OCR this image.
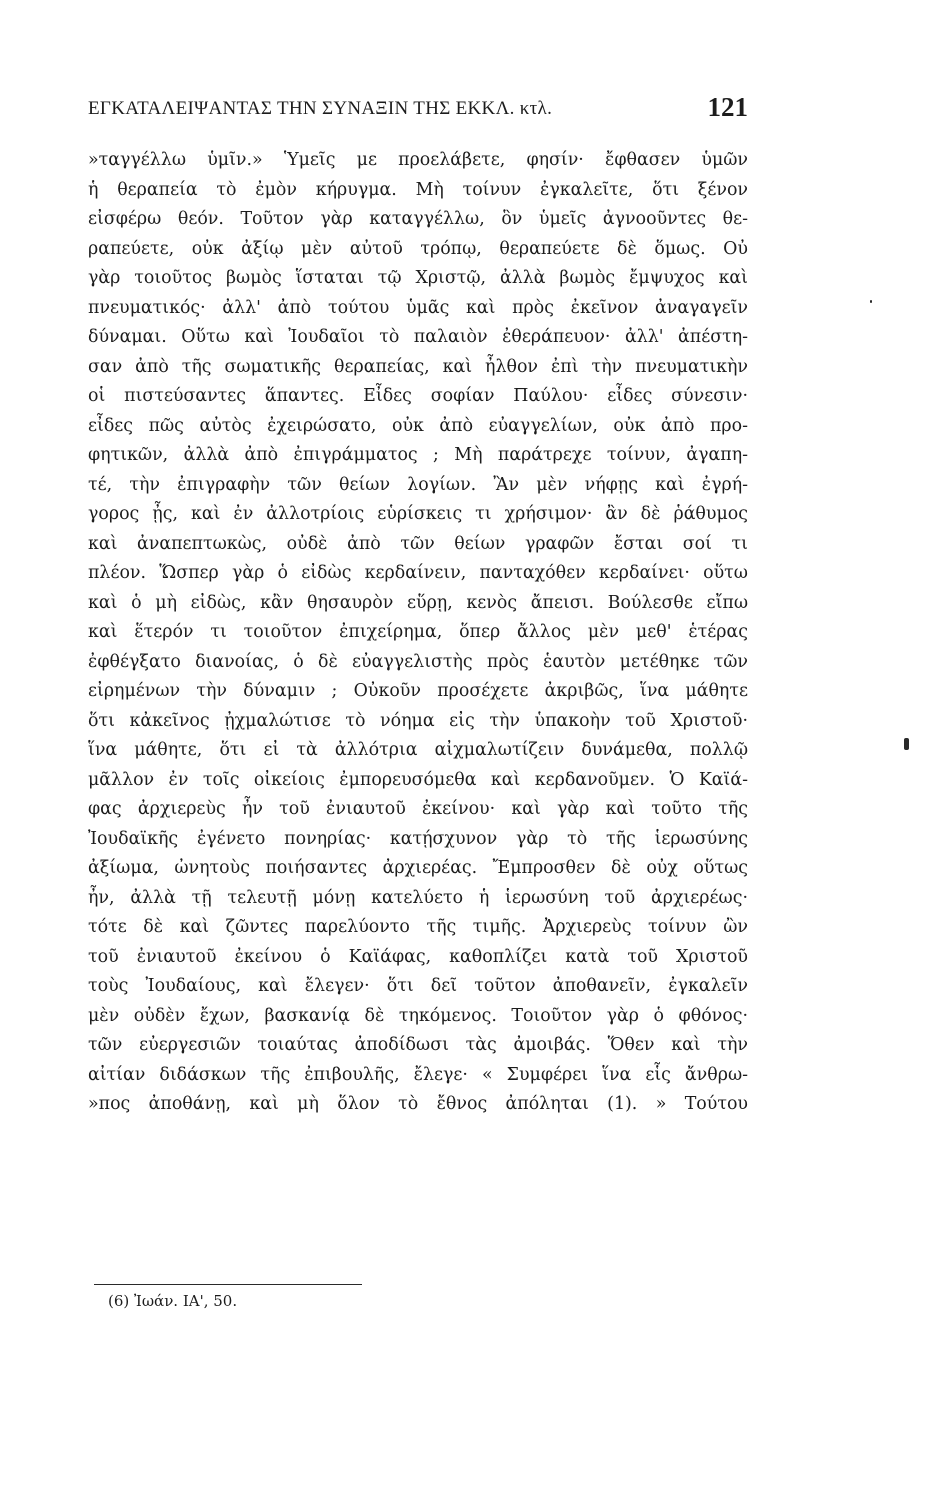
ΕΓΚΑΤΑΛΕΙΨΑΝΤΑΣ ΤΗΝ ΣΥΝΑΞΙΝ ΤΗΣ ΕΚΚΛ. κτλ.	121
»ταγγέλλω ὑμῖν.» Ὑμεῖς με προελάβετε, φησίν· ἔφθασεν ὑμῶν
ἡ θεραπεία τὸ ἐμὸν κήρυγμα. Μὴ τοίνυν ἐγκαλεῖτε, ὅτι ξένον
εἰσφέρω θεόν. Τοῦτον γὰρ καταγγέλλω, ὃν ὑμεῖς ἀγνοοῦντες θε-
ραπεύετε, οὐκ ἀξίῳ μὲν αὐτοῦ τρόπῳ, θεραπεύετε δὲ ὅμως. Οὐ
γὰρ τοιοῦτος βωμὸς ἵσταται τῷ Χριστῷ, ἀλλὰ βωμὸς ἔμψυχος καὶ
πνευματικός· ἀλλ' ἀπὸ τούτου ὑμᾶς καὶ πρὸς ἐκεῖνον ἀναγαγεῖν
δύναμαι. Οὕτω καὶ Ἰουδαῖοι τὸ παλαιὸν ἐθεράπευον· ἀλλ' ἀπέστη-
σαν ἀπὸ τῆς σωματικῆς θεραπείας, καὶ ἦλθον ἐπὶ τὴν πνευματικὴν
οἱ πιστεύσαντες ἅπαντες. Εἶδες σοφίαν Παύλου· εἶδες σύνεσιν·
εἶδες πῶς αὐτὸς ἐχειρώσατο, οὐκ ἀπὸ εὐαγγελίων, οὐκ ἀπὸ προ-
φητικῶν, ἀλλὰ ἀπὸ ἐπιγράμματος ; Μὴ παράτρεχε τοίνυν, ἀγαπη-
τέ, τὴν ἐπιγραφὴν τῶν θείων λογίων. Ἂν μὲν νήφῃς καὶ ἐγρή-
γορος ᾖς, καὶ ἐν ἀλλοτρίοις εὑρίσκεις τι χρήσιμον· ἂν δὲ ῥάθυμος
καὶ ἀναπεπτωκὼς, οὐδὲ ἀπὸ τῶν θείων γραφῶν ἔσται σοί τι
πλέον. Ὥσπερ γὰρ ὁ εἰδὼς κερδαίνειν, πανταχόθεν κερδαίνει· οὕτω
καὶ ὁ μὴ εἰδὼς, κἂν θησαυρὸν εὕρῃ, κενὸς ἄπεισι. Βούλεσθε εἴπω
καὶ ἕτερόν τι τοιοῦτον ἐπιχείρημα, ὅπερ ἄλλος μὲν μεθ' ἑτέρας
ἐφθέγξατο διανοίας, ὁ δὲ εὐαγγελιστὴς πρὸς ἑαυτὸν μετέθηκε τῶν
εἰρημένων τὴν δύναμιν ; Οὐκοῦν προσέχετε ἀκριβῶς, ἵνα μάθητε
ὅτι κἀκεῖνος ᾐχμαλώτισε τὸ νόημα εἰς τὴν ὑπακοὴν τοῦ Χριστοῦ·
ἵνα μάθητε, ὅτι εἰ τὰ ἀλλότρια αἰχμαλωτίζειν δυνάμεθα, πολλῷ
μᾶλλον ἐν τοῖς οἰκείοις ἐμπορευσόμεθα καὶ κερδανοῦμεν. Ὁ Καϊά-
φας ἀρχιερεὺς ἦν τοῦ ἐνιαυτοῦ ἐκείνου· καὶ γὰρ καὶ τοῦτο τῆς
Ἰουδαϊκῆς ἐγένετο πονηρίας· κατῄσχυνον γὰρ τὸ τῆς ἱερωσύνης
ἀξίωμα, ὠνητοὺς ποιήσαντες ἀρχιερέας. Ἔμπροσθεν δὲ οὐχ οὕτως
ἦν, ἀλλὰ τῇ τελευτῇ μόνῃ κατελύετο ἡ ἱερωσύνη τοῦ ἀρχιερέως·
τότε δὲ καὶ ζῶντες παρελύοντο τῆς τιμῆς. Ἀρχιερεὺς τοίνυν ὢν
τοῦ ἐνιαυτοῦ ἐκείνου ὁ Καϊάφας, καθοπλίζει κατὰ τοῦ Χριστοῦ
τοὺς Ἰουδαίους, καὶ ἔλεγεν· ὅτι δεῖ τοῦτον ἀποθανεῖν, ἐγκαλεῖν
μὲν οὐδὲν ἔχων, βασκανίᾳ δὲ τηκόμενος. Τοιοῦτον γὰρ ὁ φθόνος·
τῶν εὐεργεσιῶν τοιαύτας ἀποδίδωσι τὰς ἀμοιβάς. Ὅθεν καὶ τὴν
αἰτίαν διδάσκων τῆς ἐπιβουλῆς, ἔλεγε· « Συμφέρει ἵνα εἷς ἄνθρω-
»πος ἀποθάνῃ, καὶ μὴ ὅλον τὸ ἔθνος ἀπόληται (1). » Τούτου
(6) Ἰωάν. ΙΑ', 50.
